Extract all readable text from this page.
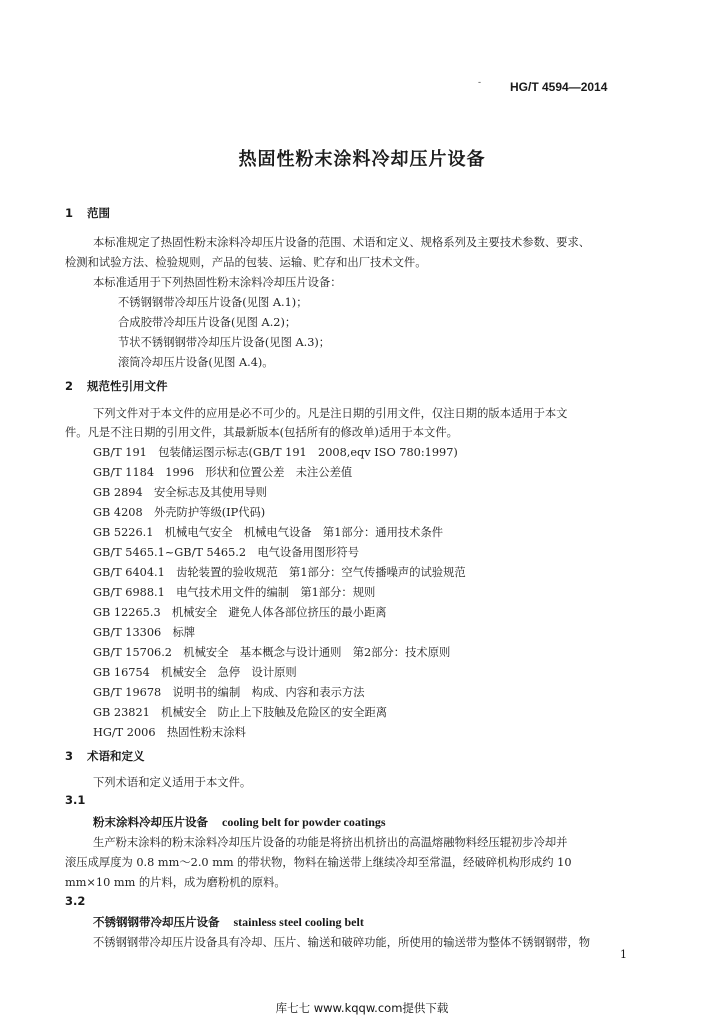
- HG/T 4594—2014
热固性粉末涂料冷却压片设备
1 范围
本标准规定了热固性粉末涂料冷却压片设备的范围、术语和定义、规格系列及主要技术参数、要求、
检测和试验方法、检验规则，产品的包装、运输、贮存和出厂技术文件。
本标准适用于下列热固性粉末涂料冷却压片设备：
不锈钢钢带冷却压片设备(见图 A.1)；
合成胶带冷却压片设备(见图 A.2)；
节状不锈钢钢带冷却压片设备(见图 A.3)；
滚筒冷却压片设备(见图 A.4)。
2 规范性引用文件
下列文件对于本文件的应用是必不可少的。凡是注日期的引用文件，仅注日期的版本适用于本文
件。凡是不注日期的引用文件，其最新版本(包括所有的修改单)适用于本文件。
GB/T 191　包装储运图示标志(GB/T 191　2008,eqv ISO 780:1997)
GB/T 1184　1996　形状和位置公差　未注公差值
GB 2894　安全标志及其使用导则
GB 4208　外壳防护等级(IP代码)
GB 5226.1　机械电气安全　机械电气设备　第1部分：通用技术条件
GB/T 5465.1~GB/T 5465.2　电气设备用图形符号
GB/T 6404.1　齿轮装置的验收规范　第1部分：空气传播噪声的试验规范
GB/T 6988.1　电气技术用文件的编制　第1部分：规则
GB 12265.3　机械安全　避免人体各部位挤压的最小距离
GB/T 13306　标牌
GB/T 15706.2　机械安全　基本概念与设计通则　第2部分：技术原则
GB 16754　机械安全　急停　设计原则
GB/T 19678　说明书的编制　构成、内容和表示方法
GB 23821　机械安全　防止上下肢触及危险区的安全距离
HG/T 2006　热固性粉末涂料
3 术语和定义
下列术语和定义适用于本文件。
3.1
粉末涂料冷却压片设备 cooling belt for powder coatings
生产粉末涂料的粉末涂料冷却压片设备的功能是将挤出机挤出的高温熔融物料经压辊初步冷却并
滚压成厚度为 0.8 mm～2.0 mm 的带状物，物料在输送带上继续冷却至常温，经破碎机构形成约 10
mm×10 mm 的片料，成为磨粉机的原料。
3.2
不锈钢钢带冷却压片设备 stainless steel cooling belt
不锈钢钢带冷却压片设备具有冷却、压片、输送和破碎功能，所使用的输送带为整体不锈钢钢带，物
1
库七七 www.kqqw.com提供下载
